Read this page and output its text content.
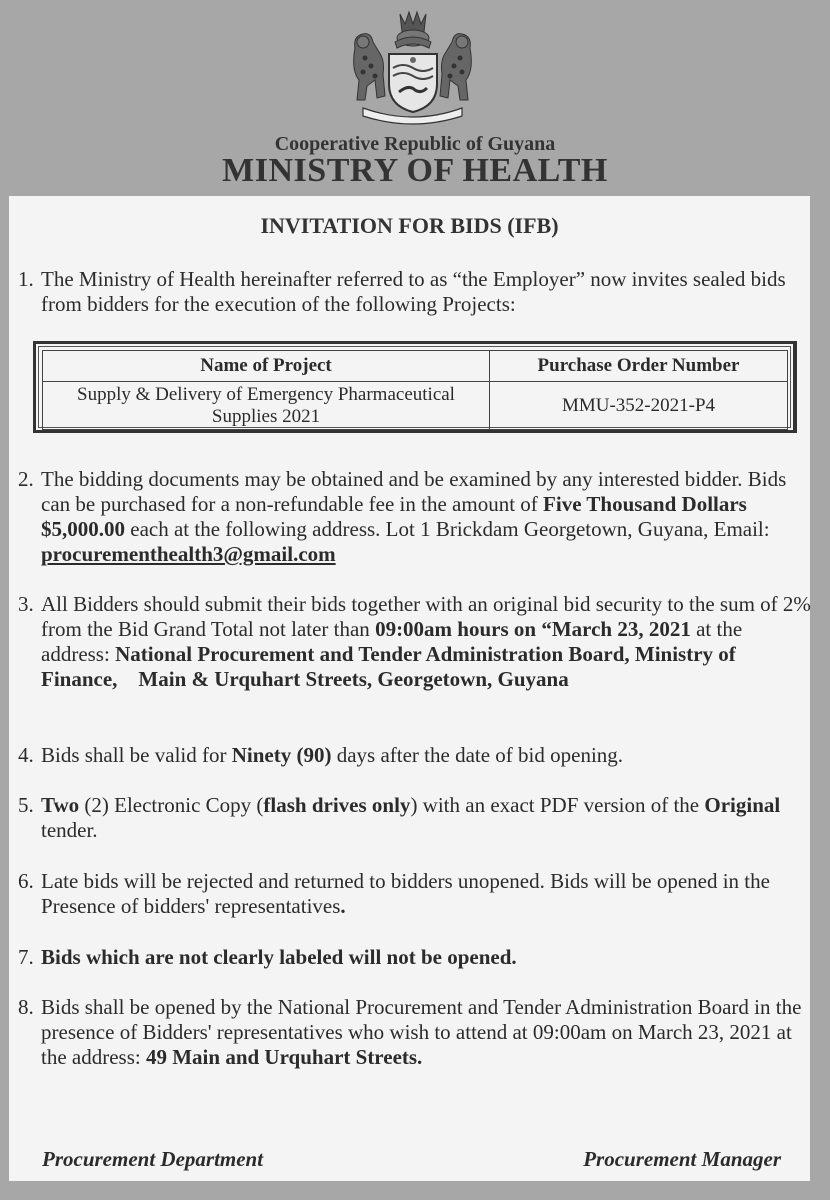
Cooperative Republic of Guyana
MINISTRY OF HEALTH
INVITATION FOR BIDS (IFB)
1. The Ministry of Health hereinafter referred to as “the Employer” now invites sealed bids from bidders for the execution of the following Projects:
Name of Project	Purchase Order Number
Supply & Delivery of Emergency Pharmaceutical Supplies 2021	MMU-352-2021-P4
2. The bidding documents may be obtained and be examined by any interested bidder. Bids can be purchased for a non-refundable fee in the amount of Five Thousand Dollars $5,000.00 each at the following address. Lot 1 Brickdam Georgetown, Guyana, Email: procurementhealth3@gmail.com
3. All Bidders should submit their bids together with an original bid security to the sum of 2% from the Bid Grand Total not later than 09:00am hours on “March 23, 2021 at the address: National Procurement and Tender Administration Board, Ministry of Finance,    Main & Urquhart Streets, Georgetown, Guyana
4. Bids shall be valid for Ninety (90) days after the date of bid opening.
5. Two (2) Electronic Copy (flash drives only) with an exact PDF version of the Original tender.
6. Late bids will be rejected and returned to bidders unopened. Bids will be opened in the Presence of bidders' representatives.
7. Bids which are not clearly labeled will not be opened.
8. Bids shall be opened by the National Procurement and Tender Administration Board in the presence of Bidders' representatives who wish to attend at 09:00am on March 23, 2021 at the address: 49 Main and Urquhart Streets.
Procurement Department	Procurement Manager
